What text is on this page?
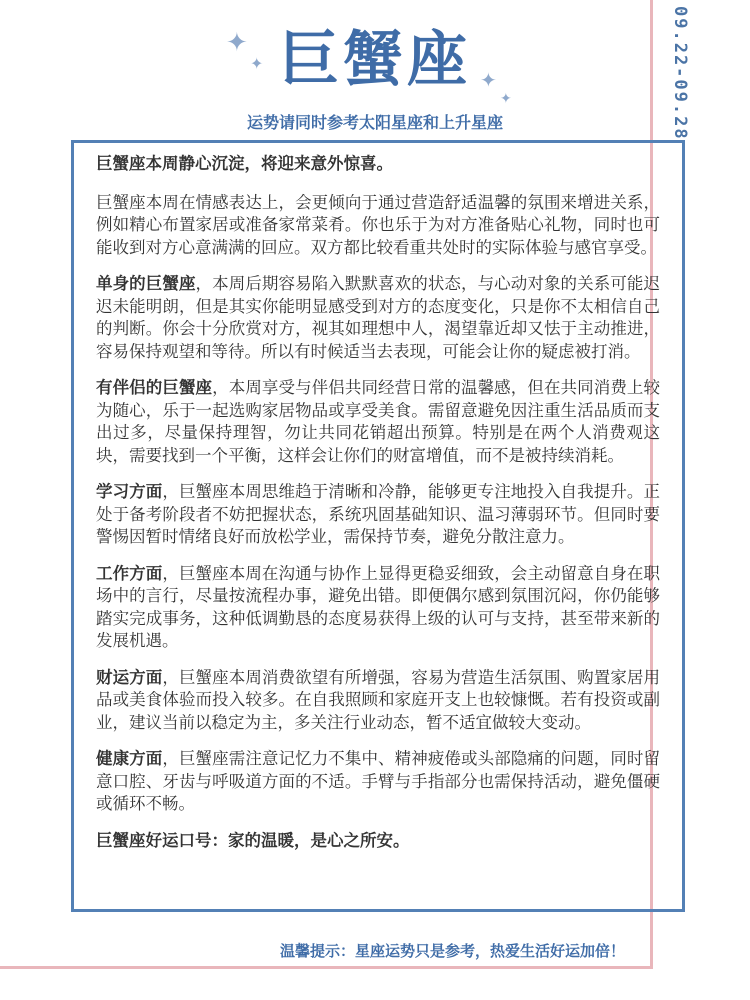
09.22-09.28
✦
✦
✦
✦
巨蟹座
运势请同时参考太阳星座和上升星座

巨蟹座本周静心沉淀，将迎来意外惊喜。

巨蟹座本周在情感表达上，会更倾向于通过营造舒适温馨的氛围来增进关系，例如精心布置家居或准备家常菜肴。你也乐于为对方准备贴心礼物，同时也可能收到对方心意满满的回应。双方都比较看重共处时的实际体验与感官享受。

单身的巨蟹座，本周后期容易陷入默默喜欢的状态，与心动对象的关系可能迟迟未能明朗，但是其实你能明显感受到对方的态度变化，只是你不太相信自己的判断。你会十分欣赏对方，视其如理想中人，渴望靠近却又怯于主动推进，容易保持观望和等待。所以有时候适当去表现，可能会让你的疑虑被打消。

有伴侣的巨蟹座，本周享受与伴侣共同经营日常的温馨感，但在共同消费上较为随心，乐于一起选购家居物品或享受美食。需留意避免因注重生活品质而支出过多，尽量保持理智，勿让共同花销超出预算。特别是在两个人消费观这块，需要找到一个平衡，这样会让你们的财富增值，而不是被持续消耗。

学习方面，巨蟹座本周思维趋于清晰和冷静，能够更专注地投入自我提升。正处于备考阶段者不妨把握状态，系统巩固基础知识、温习薄弱环节。但同时要警惕因暂时情绪良好而放松学业，需保持节奏，避免分散注意力。

工作方面，巨蟹座本周在沟通与协作上显得更稳妥细致，会主动留意自身在职场中的言行，尽量按流程办事，避免出错。即便偶尔感到氛围沉闷，你仍能够踏实完成事务，这种低调勤恳的态度易获得上级的认可与支持，甚至带来新的发展机遇。

财运方面，巨蟹座本周消费欲望有所增强，容易为营造生活氛围、购置家居用品或美食体验而投入较多。在自我照顾和家庭开支上也较慷慨。若有投资或副业，建议当前以稳定为主，多关注行业动态，暂不适宜做较大变动。

健康方面，巨蟹座需注意记忆力不集中、精神疲倦或头部隐痛的问题，同时留意口腔、牙齿与呼吸道方面的不适。手臂与手指部分也需保持活动，避免僵硬或循环不畅。

巨蟹座好运口号：家的温暖，是心之所安。

温馨提示：星座运势只是参考，热爱生活好运加倍！
